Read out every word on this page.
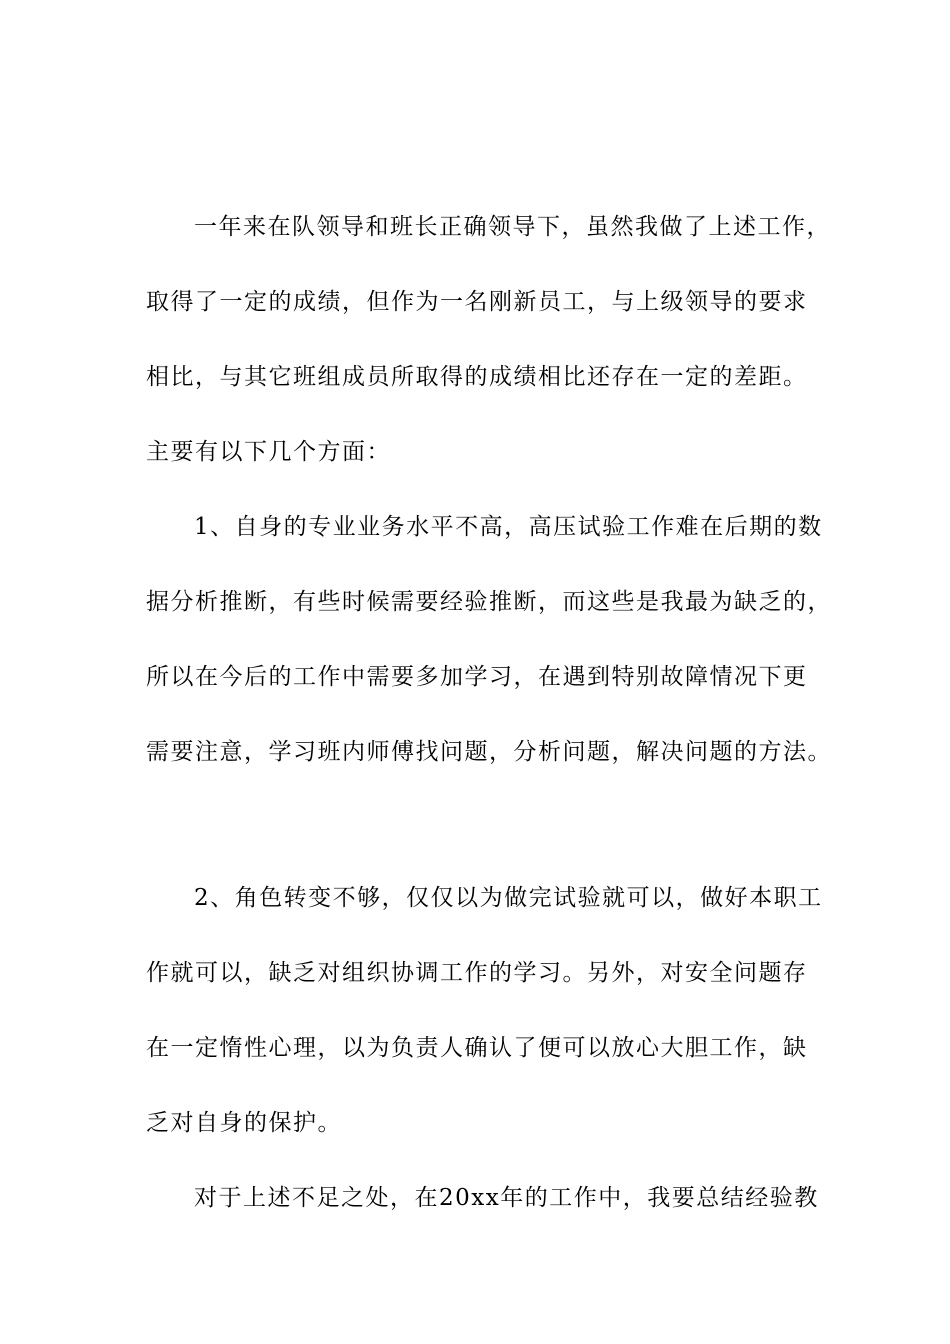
一年来在队领导和班长正确领导下，虽然我做了上述工作，
取得了一定的成绩，但作为一名刚新员工，与上级领导的要求
相比，与其它班组成员所取得的成绩相比还存在一定的差距。
主要有以下几个方面：
1、自身的专业业务水平不高，高压试验工作难在后期的数
据分析推断，有些时候需要经验推断，而这些是我最为缺乏的，
所以在今后的工作中需要多加学习，在遇到特别故障情况下更
需要注意，学习班内师傅找问题，分析问题，解决问题的方法。
2、角色转变不够，仅仅以为做完试验就可以，做好本职工
作就可以，缺乏对组织协调工作的学习。另外，对安全问题存
在一定惰性心理，以为负责人确认了便可以放心大胆工作，缺
乏对自身的保护。
对于上述不足之处，在20xx年的工作中，我要总结经验教
